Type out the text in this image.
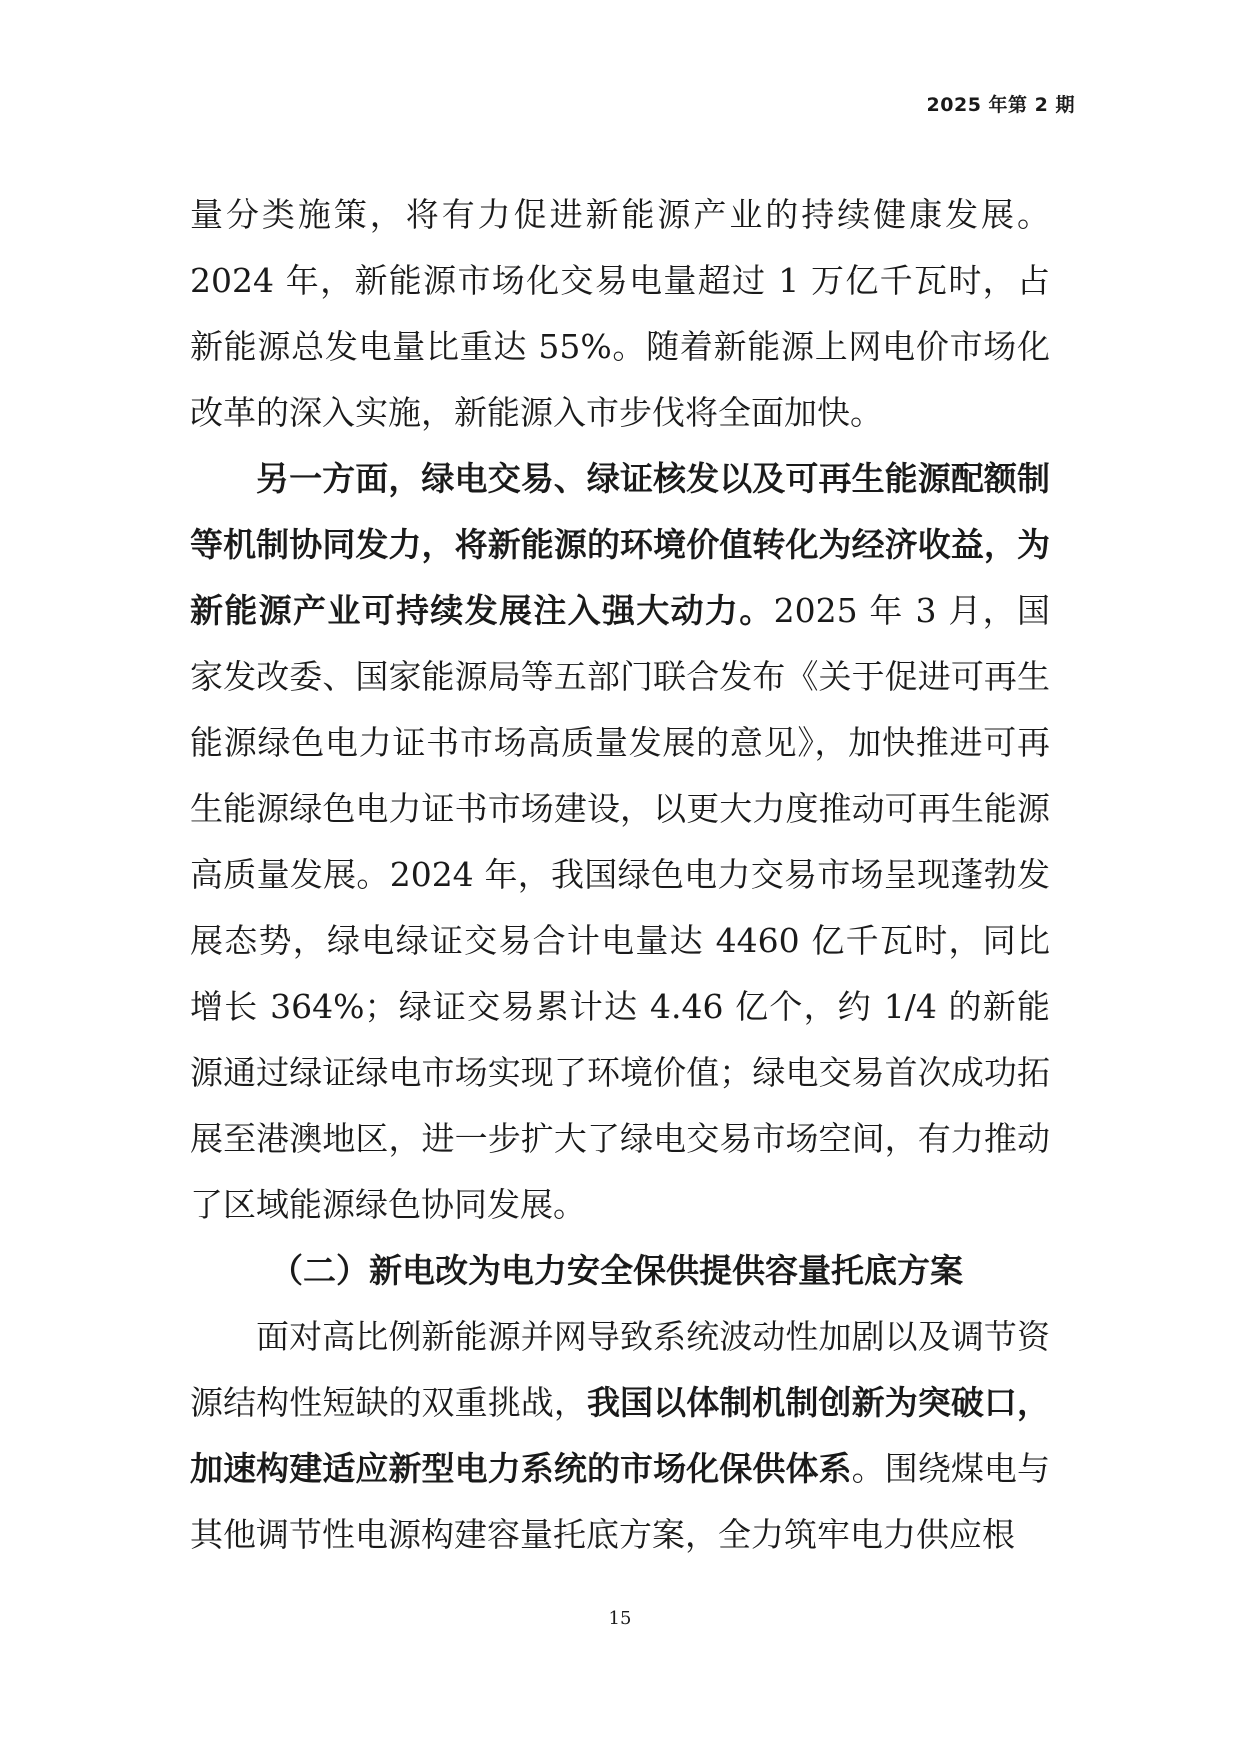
2025 年第 2 期

量分类施策，将有力促进新能源产业的持续健康发展。2024 年，新能源市场化交易电量超过 1 万亿千瓦时，占新能源总发电量比重达 55%。随着新能源上网电价市场化改革的深入实施，新能源入市步伐将全面加快。

另一方面，绿电交易、绿证核发以及可再生能源配额制等机制协同发力，将新能源的环境价值转化为经济收益，为新能源产业可持续发展注入强大动力。2025 年 3 月，国家发改委、国家能源局等五部门联合发布《关于促进可再生能源绿色电力证书市场高质量发展的意见》，加快推进可再生能源绿色电力证书市场建设，以更大力度推动可再生能源高质量发展。2024 年，我国绿色电力交易市场呈现蓬勃发展态势，绿电绿证交易合计电量达 4460 亿千瓦时，同比增长 364%；绿证交易累计达 4.46 亿个，约 1/4 的新能源通过绿证绿电市场实现了环境价值；绿电交易首次成功拓展至港澳地区，进一步扩大了绿电交易市场空间，有力推动了区域能源绿色协同发展。

（二）新电改为电力安全保供提供容量托底方案

面对高比例新能源并网导致系统波动性加剧以及调节资源结构性短缺的双重挑战，我国以体制机制创新为突破口，加速构建适应新型电力系统的市场化保供体系。围绕煤电与其他调节性电源构建容量托底方案，全力筑牢电力供应根

15
